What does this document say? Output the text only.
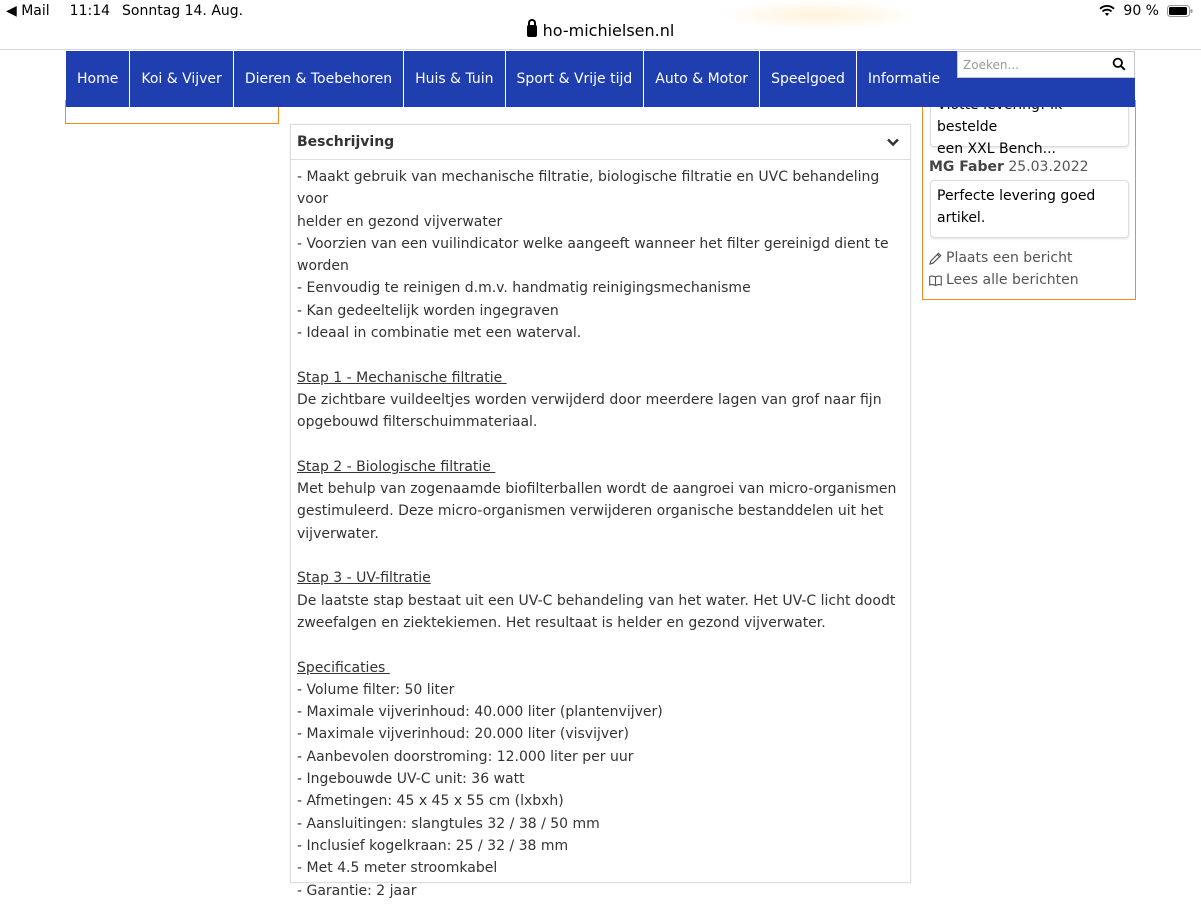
◀ Mail 11:14 Sonntag 14. Aug.	90 %
ho-michielsen.nl
bestelde
een XXL Bench...
MG Faber 25.03.2022
Perfecte levering goed
artikel.
Plaats een bericht
Lees alle berichten
Home	Koi & Vijver	Dieren & Toebehoren	Huis & Tuin	Sport & Vrije tijd	Auto & Motor	Speelgoed	Informatie
Zoeken...
Beschrijving

- Maakt gebruik van mechanische filtratie, biologische filtratie en UVC behandeling voor

helder en gezond vijverwater

- Voorzien van een vuilindicator welke aangeeft wanneer het filter gereinigd dient te

worden

- Eenvoudig te reinigen d.m.v. handmatig reinigingsmechanisme

- Kan gedeeltelijk worden ingegraven

- Ideaal in combinatie met een waterval.

Stap 1 - Mechanische filtratie

De zichtbare vuildeeltjes worden verwijderd door meerdere lagen van grof naar fijn

opgebouwd filterschuimmateriaal.

Stap 2 - Biologische filtratie

Met behulp van zogenaamde biofilterballen wordt de aangroei van micro-organismen

gestimuleerd. Deze micro-organismen verwijderen organische bestanddelen uit het

vijverwater.

Stap 3 - UV-filtratie

De laatste stap bestaat uit een UV-C behandeling van het water. Het UV-C licht doodt

zweefalgen en ziektekiemen. Het resultaat is helder en gezond vijverwater.

Specificaties

- Volume filter: 50 liter

- Maximale vijverinhoud: 40.000 liter (plantenvijver)

- Maximale vijverinhoud: 20.000 liter (visvijver)

- Aanbevolen doorstroming: 12.000 liter per uur

- Ingebouwde UV-C unit: 36 watt

- Afmetingen: 45 x 45 x 55 cm (lxbxh)

- Aansluitingen: slangtules 32 / 38 / 50 mm

- Inclusief kogelkraan: 25 / 32 / 38 mm

- Met 4.5 meter stroomkabel

- Garantie: 2 jaar
